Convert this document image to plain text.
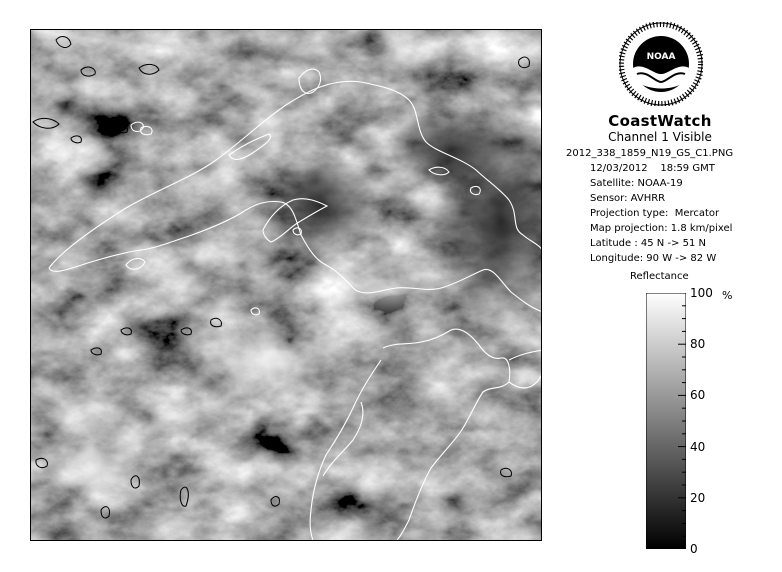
NOAA
CoastWatch
Channel 1 Visible
2012_338_1859_N19_GS_C1.PNG
12/03/2012    18:59 GMT
Satellite: NOAA-19
Sensor: AVHRR
Projection type:  Mercator
Map projection: 1.8 km/pixel
Latitude : 45 N -> 51 N
Longitude: 90 W -> 82 W
Reflectance
100
80
60
40
20
0
%
